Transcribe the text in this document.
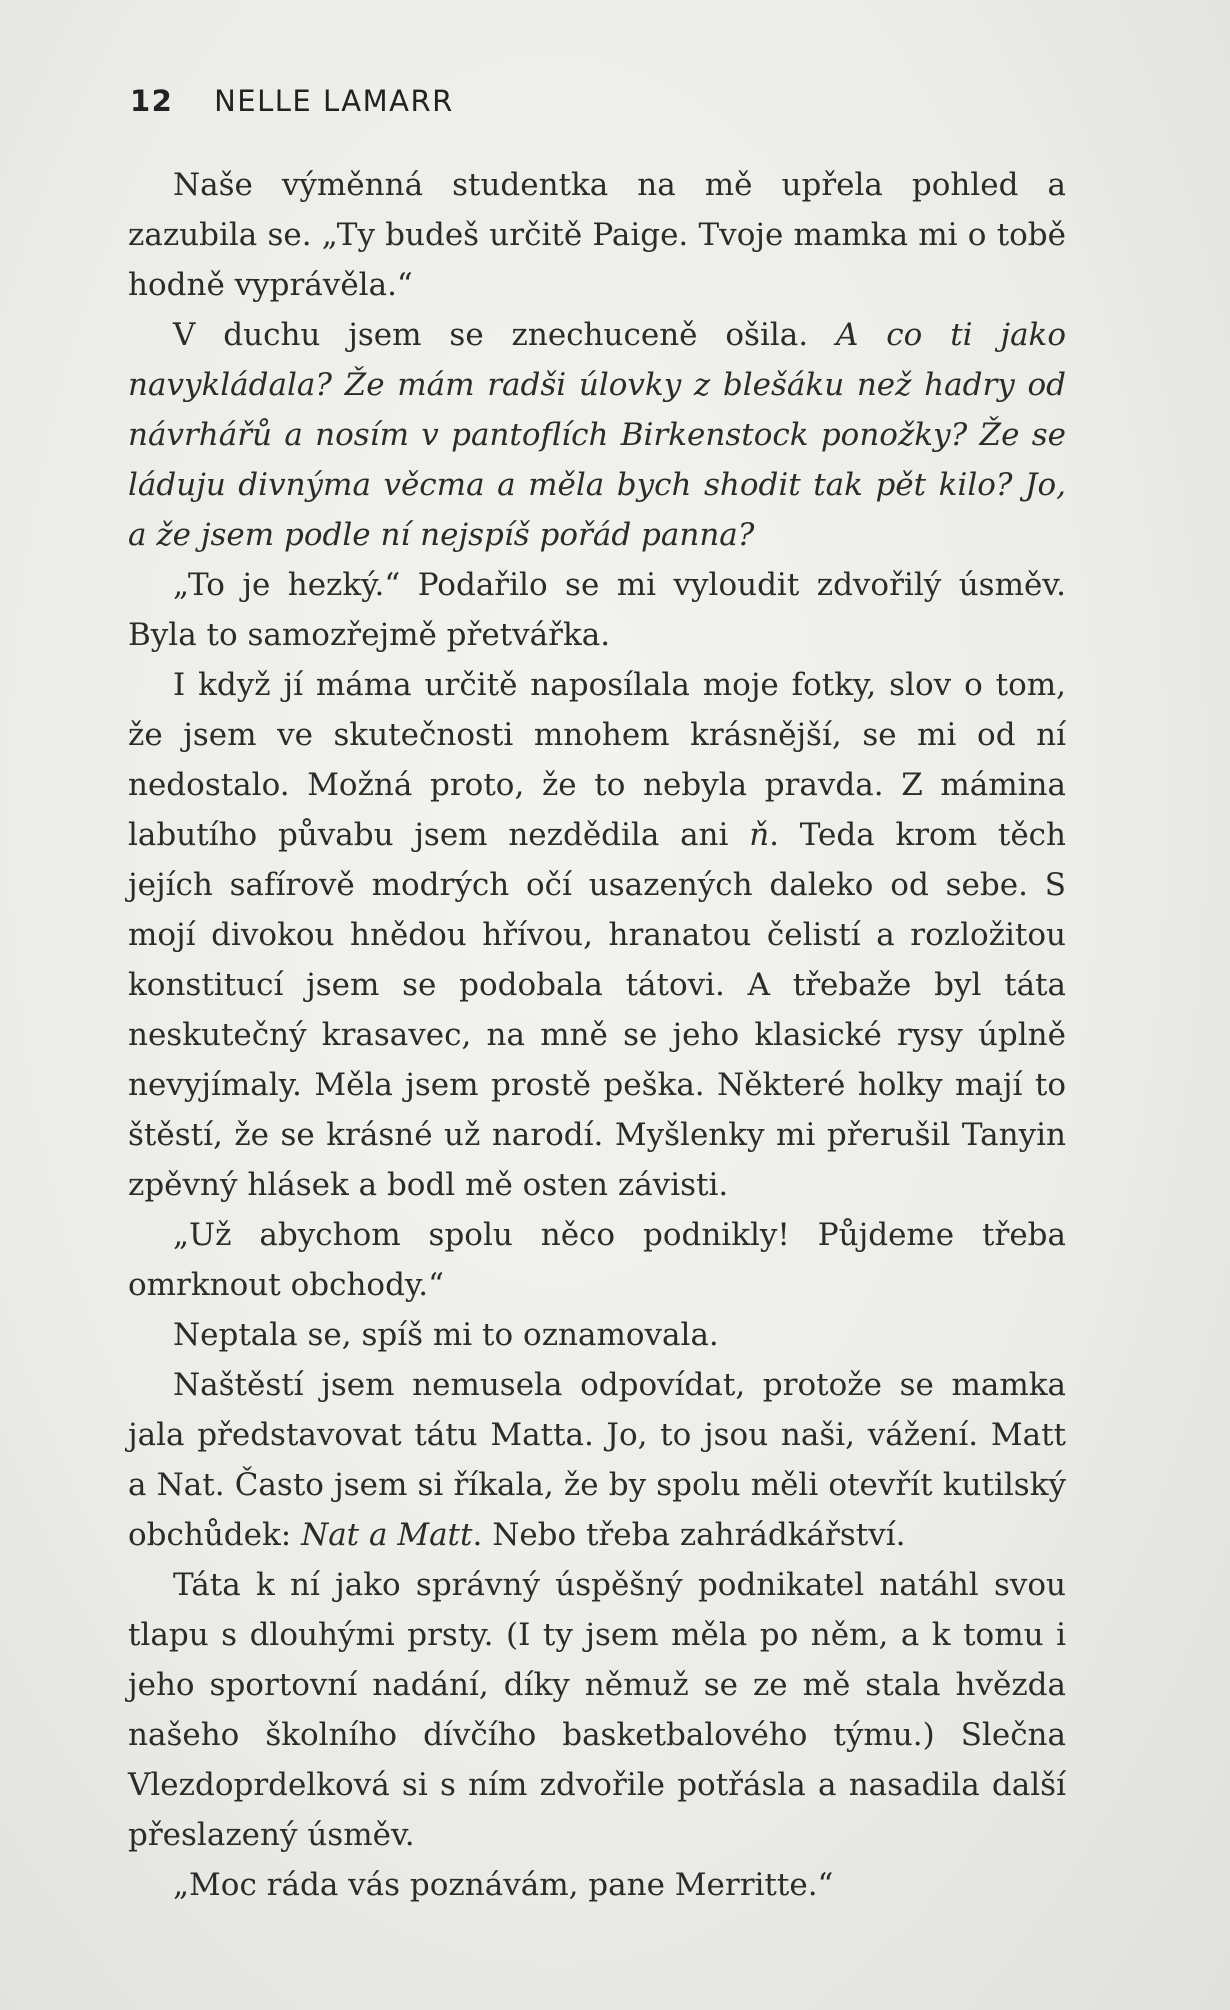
12 NELLE LAMARR

Naše výměnná studentka na mě upřela pohled a zazubila se. „Ty budeš určitě Paige. Tvoje mamka mi o tobě hodně vyprávěla.“

V duchu jsem se znechuceně ošila. A co ti jako navykládala? Že mám radši úlovky z blešáku než hadry od návrhářů a nosím v pantoflích Birkenstock ponožky? Že se láduju divnýma věcma a měla bych shodit tak pět kilo? Jo, a že jsem podle ní nejspíš pořád panna?

„To je hezký.“ Podařilo se mi vyloudit zdvořilý úsměv. Byla to samozřejmě přetvářka.

I když jí máma určitě naposílala moje fotky, slov o tom, že jsem ve skutečnosti mnohem krásnější, se mi od ní nedostalo. Možná proto, že to nebyla pravda. Z mámina labutího půvabu jsem nezdědila ani ň. Teda krom těch jejích safírově modrých očí usazených daleko od sebe. S mojí divokou hnědou hřívou, hranatou čelistí a rozložitou konstitucí jsem se podobala tátovi. A třebaže byl táta neskutečný krasavec, na mně se jeho klasické rysy úplně nevyjímaly. Měla jsem prostě peška. Některé holky mají to štěstí, že se krásné už narodí. Myšlenky mi přerušil Tanyin zpěvný hlásek a bodl mě osten závisti.

„Už abychom spolu něco podnikly! Půjdeme třeba omrknout obchody.“

Neptala se, spíš mi to oznamovala.

Naštěstí jsem nemusela odpovídat, protože se mamka jala představovat tátu Matta. Jo, to jsou naši, vážení. Matt a Nat. Často jsem si říkala, že by spolu měli otevřít kutilský obchůdek: Nat a Matt. Nebo třeba zahrádkářství.

Táta k ní jako správný úspěšný podnikatel natáhl svou tlapu s dlouhými prsty. (I ty jsem měla po něm, a k tomu i jeho sportovní nadání, díky němuž se ze mě stala hvězda našeho školního dívčího basketbalového týmu.) Slečna Vlezdoprdelková si s ním zdvořile potřásla a nasadila další přeslazený úsměv.

„Moc ráda vás poznávám, pane Merritte.“
